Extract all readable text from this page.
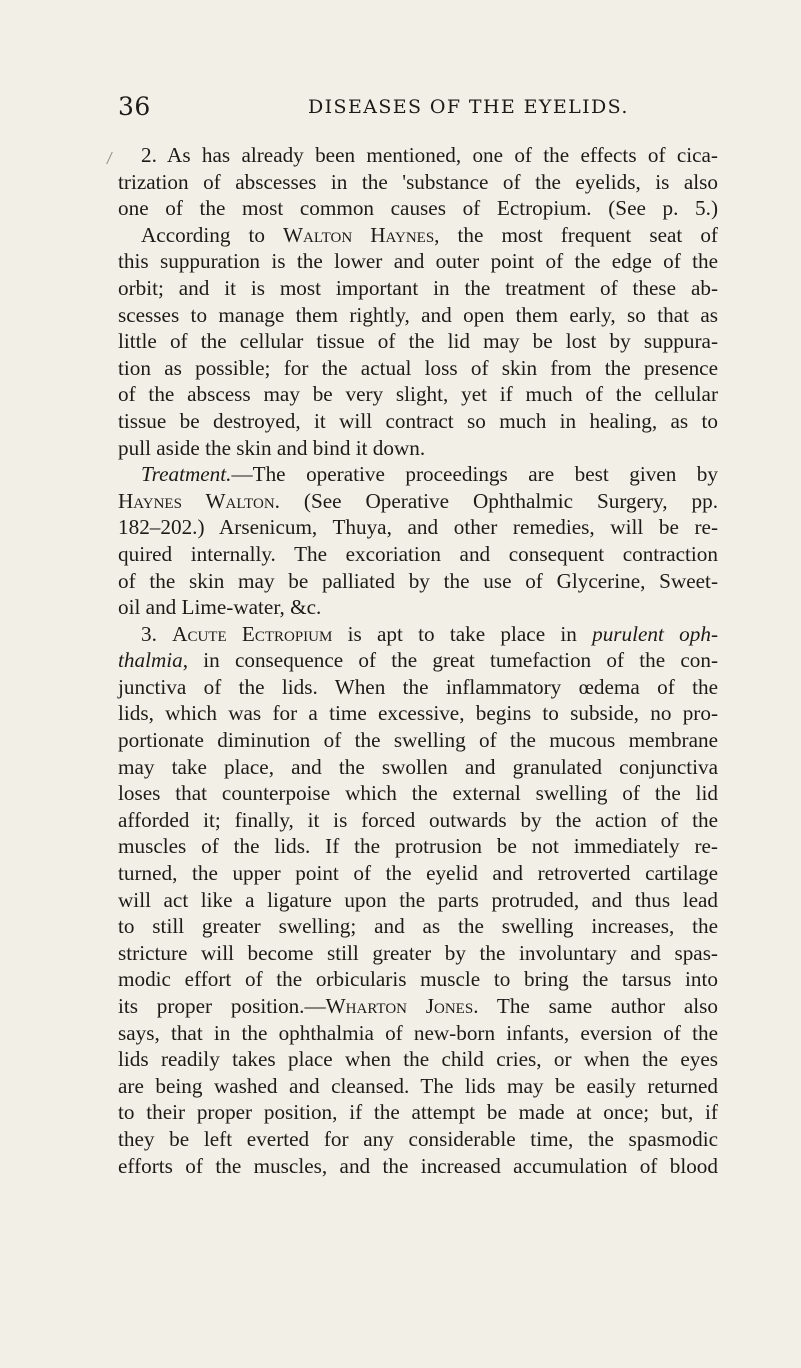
36	DISEASES OF THE EYELIDS.
2. As has already been mentioned, one of the effects of cica-
trization of abscesses in the 'substance of the eyelids, is also
one of the most common causes of Ectropium. (See p. 5.)
According to Walton Haynes, the most frequent seat of
this suppuration is the lower and outer point of the edge of the
orbit; and it is most important in the treatment of these ab-
scesses to manage them rightly, and open them early, so that as
little of the cellular tissue of the lid may be lost by suppura-
tion as possible; for the actual loss of skin from the presence
of the abscess may be very slight, yet if much of the cellular
tissue be destroyed, it will contract so much in healing, as to
pull aside the skin and bind it down.
Treatment.—The operative proceedings are best given by
Haynes Walton. (See Operative Ophthalmic Surgery, pp.
182–202.) Arsenicum, Thuya, and other remedies, will be re-
quired internally. The excoriation and consequent contraction
of the skin may be palliated by the use of Glycerine, Sweet-
oil and Lime-water, &c.
3. Acute Ectropium is apt to take place in purulent oph-
thalmia, in consequence of the great tumefaction of the con-
junctiva of the lids. When the inflammatory œdema of the
lids, which was for a time excessive, begins to subside, no pro-
portionate diminution of the swelling of the mucous membrane
may take place, and the swollen and granulated conjunctiva
loses that counterpoise which the external swelling of the lid
afforded it; finally, it is forced outwards by the action of the
muscles of the lids. If the protrusion be not immediately re-
turned, the upper point of the eyelid and retroverted cartilage
will act like a ligature upon the parts protruded, and thus lead
to still greater swelling; and as the swelling increases, the
stricture will become still greater by the involuntary and spas-
modic effort of the orbicularis muscle to bring the tarsus into
its proper position.—Wharton Jones. The same author also
says, that in the ophthalmia of new-born infants, eversion of the
lids readily takes place when the child cries, or when the eyes
are being washed and cleansed. The lids may be easily returned
to their proper position, if the attempt be made at once; but, if
they be left everted for any considerable time, the spasmodic
efforts of the muscles, and the increased accumulation of blood
